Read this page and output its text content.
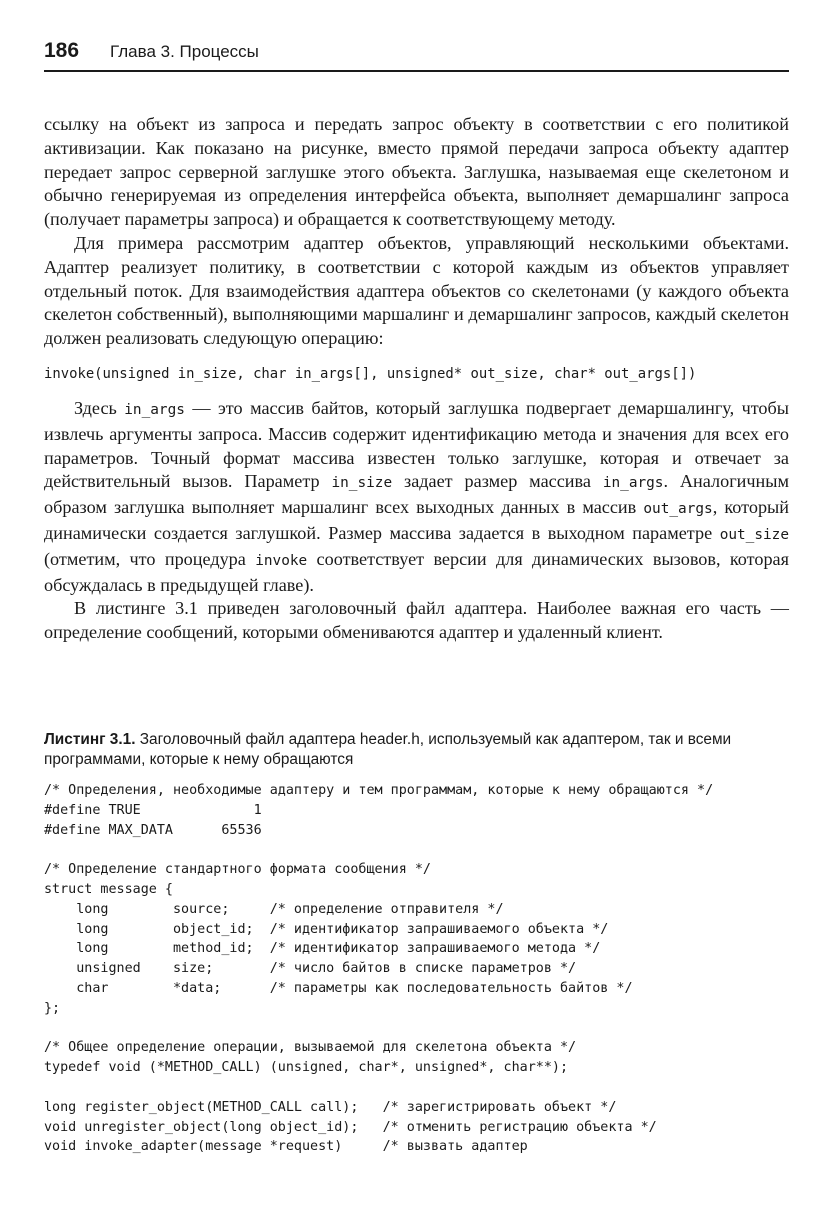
186 Глава 3. Процессы

ссылку на объект из запроса и передать запрос объекту в соответствии с его политикой активизации. Как показано на рисунке, вместо прямой передачи запроса объекту адаптер передает запрос серверной заглушке этого объекта. Заглушка, называемая еще скелетоном и обычно генерируемая из определения интерфейса объекта, выполняет демаршалинг запроса (получает параметры запроса) и обращается к соответствующему методу.

Для примера рассмотрим адаптер объектов, управляющий несколькими объектами. Адаптер реализует политику, в соответствии с которой каждым из объектов управляет отдельный поток. Для взаимодействия адаптера объектов со скелетонами (у каждого объекта скелетон собственный), выполняющими маршалинг и демаршалинг запросов, каждый скелетон должен реализовать следующую операцию:

invoke(unsigned in_size, char in_args[], unsigned* out_size, char* out_args[])

Здесь in_args — это массив байтов, который заглушка подвергает демаршалингу, чтобы извлечь аргументы запроса. Массив содержит идентификацию метода и значения для всех его параметров. Точный формат массива известен только заглушке, которая и отвечает за действительный вызов. Параметр in_size задает размер массива in_args. Аналогичным образом заглушка выполняет маршалинг всех выходных данных в массив out_args, который динамически создается заглушкой. Размер массива задается в выходном параметре out_size (отметим, что процедура invoke соответствует версии для динамических вызовов, которая обсуждалась в предыдущей главе).

В листинге 3.1 приведен заголовочный файл адаптера. Наиболее важная его часть — определение сообщений, которыми обмениваются адаптер и удаленный клиент.

Листинг 3.1. Заголовочный файл адаптера header.h, используемый как адаптером, так и всеми программами, которые к нему обращаются
/* Определения, необходимые адаптеру и тем программам, которые к нему обращаются */
#define TRUE              1
#define MAX_DATA      65536

/* Определение стандартного формата сообщения */
struct message {
long        source;     /* определение отправителя */
long        object_id;  /* идентификатор запрашиваемого объекта */
long        method_id;  /* идентификатор запрашиваемого метода */
unsigned    size;       /* число байтов в списке параметров */
char        *data;      /* параметры как последовательность байтов */
};

/* Общее определение операции, вызываемой для скелетона объекта */
typedef void (*METHOD_CALL) (unsigned, char*, unsigned*, char**);

long register_object(METHOD_CALL call);   /* зарегистрировать объект */
void unregister_object(long object_id);   /* отменить регистрацию объекта */
void invoke_adapter(message *request)     /* вызвать адаптер
